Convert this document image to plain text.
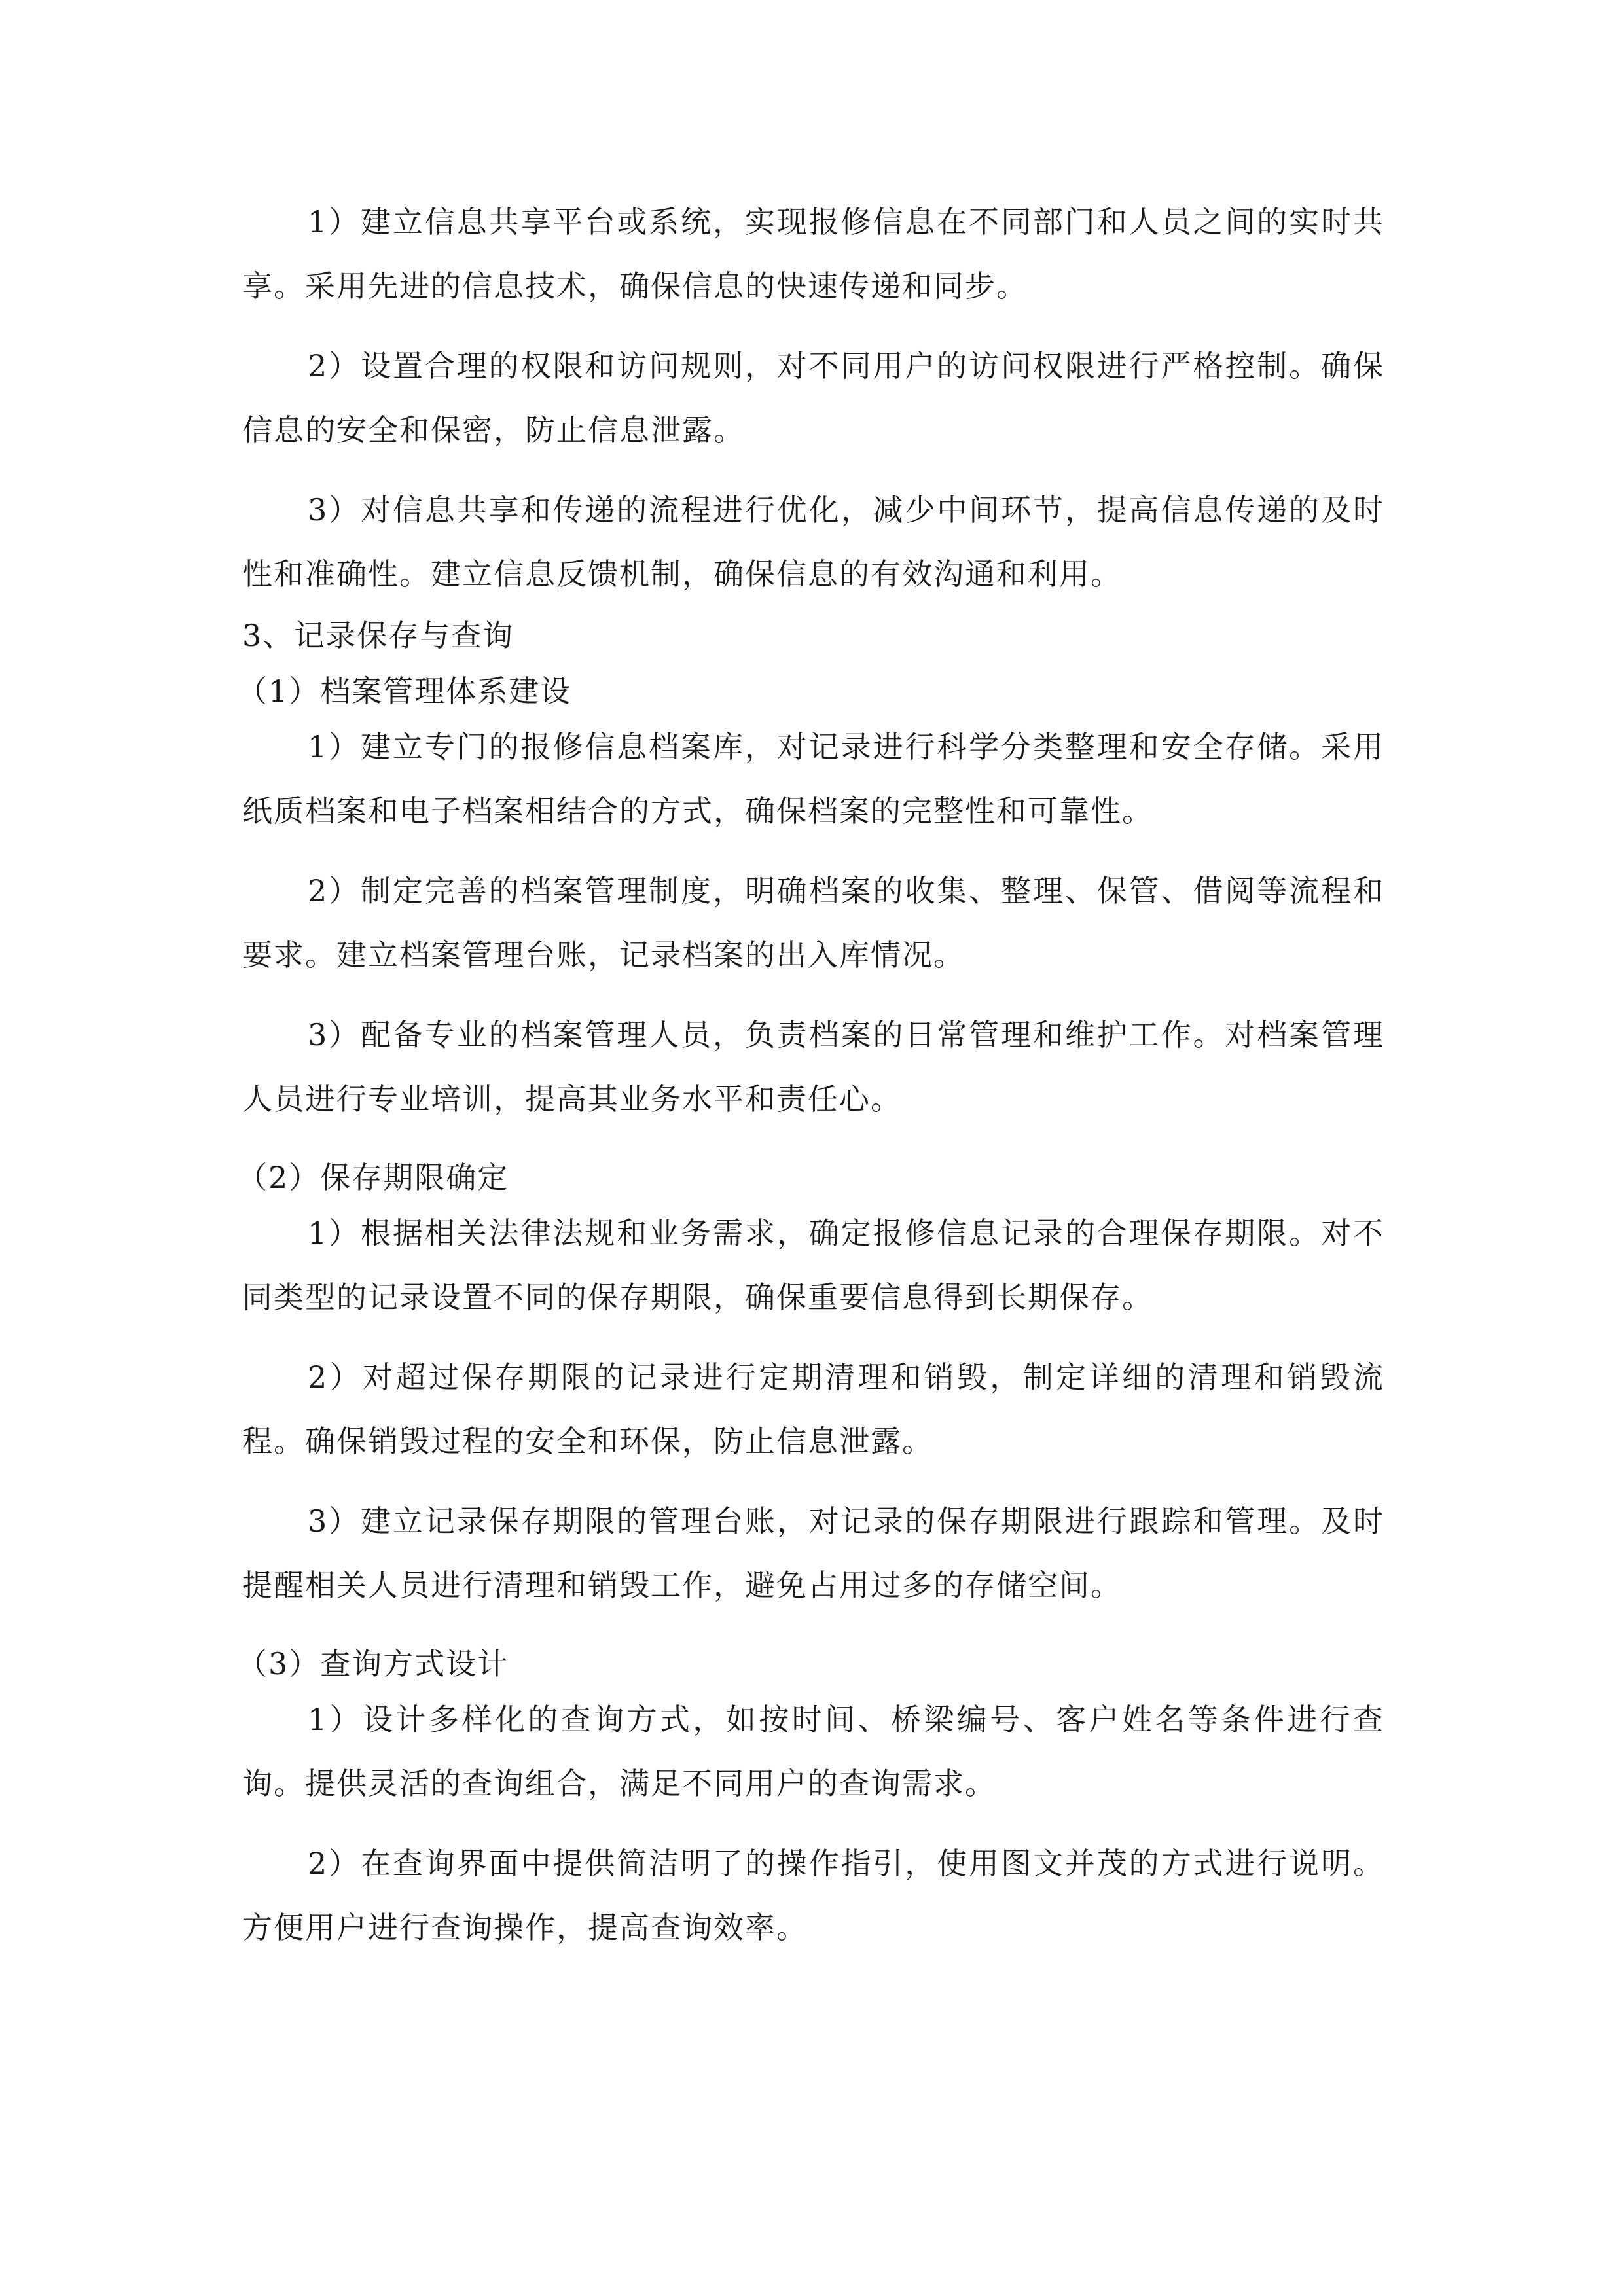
1）建立信息共享平台或系统，实现报修信息在不同部门和人员之间的实时共享。采用先进的信息技术，确保信息的快速传递和同步。

2）设置合理的权限和访问规则，对不同用户的访问权限进行严格控制。确保信息的安全和保密，防止信息泄露。

3）对信息共享和传递的流程进行优化，减少中间环节，提高信息传递的及时性和准确性。建立信息反馈机制，确保信息的有效沟通和利用。

3、记录保存与查询

（1）档案管理体系建设

1）建立专门的报修信息档案库，对记录进行科学分类整理和安全存储。采用纸质档案和电子档案相结合的方式，确保档案的完整性和可靠性。

2）制定完善的档案管理制度，明确档案的收集、整理、保管、借阅等流程和要求。建立档案管理台账，记录档案的出入库情况。

3）配备专业的档案管理人员，负责档案的日常管理和维护工作。对档案管理人员进行专业培训，提高其业务水平和责任心。

（2）保存期限确定

1）根据相关法律法规和业务需求，确定报修信息记录的合理保存期限。对不同类型的记录设置不同的保存期限，确保重要信息得到长期保存。

2）对超过保存期限的记录进行定期清理和销毁，制定详细的清理和销毁流程。确保销毁过程的安全和环保，防止信息泄露。

3）建立记录保存期限的管理台账，对记录的保存期限进行跟踪和管理。及时提醒相关人员进行清理和销毁工作，避免占用过多的存储空间。

（3）查询方式设计

1）设计多样化的查询方式，如按时间、桥梁编号、客户姓名等条件进行查询。提供灵活的查询组合，满足不同用户的查询需求。

2）在查询界面中提供简洁明了的操作指引，使用图文并茂的方式进行说明。方便用户进行查询操作，提高查询效率。
